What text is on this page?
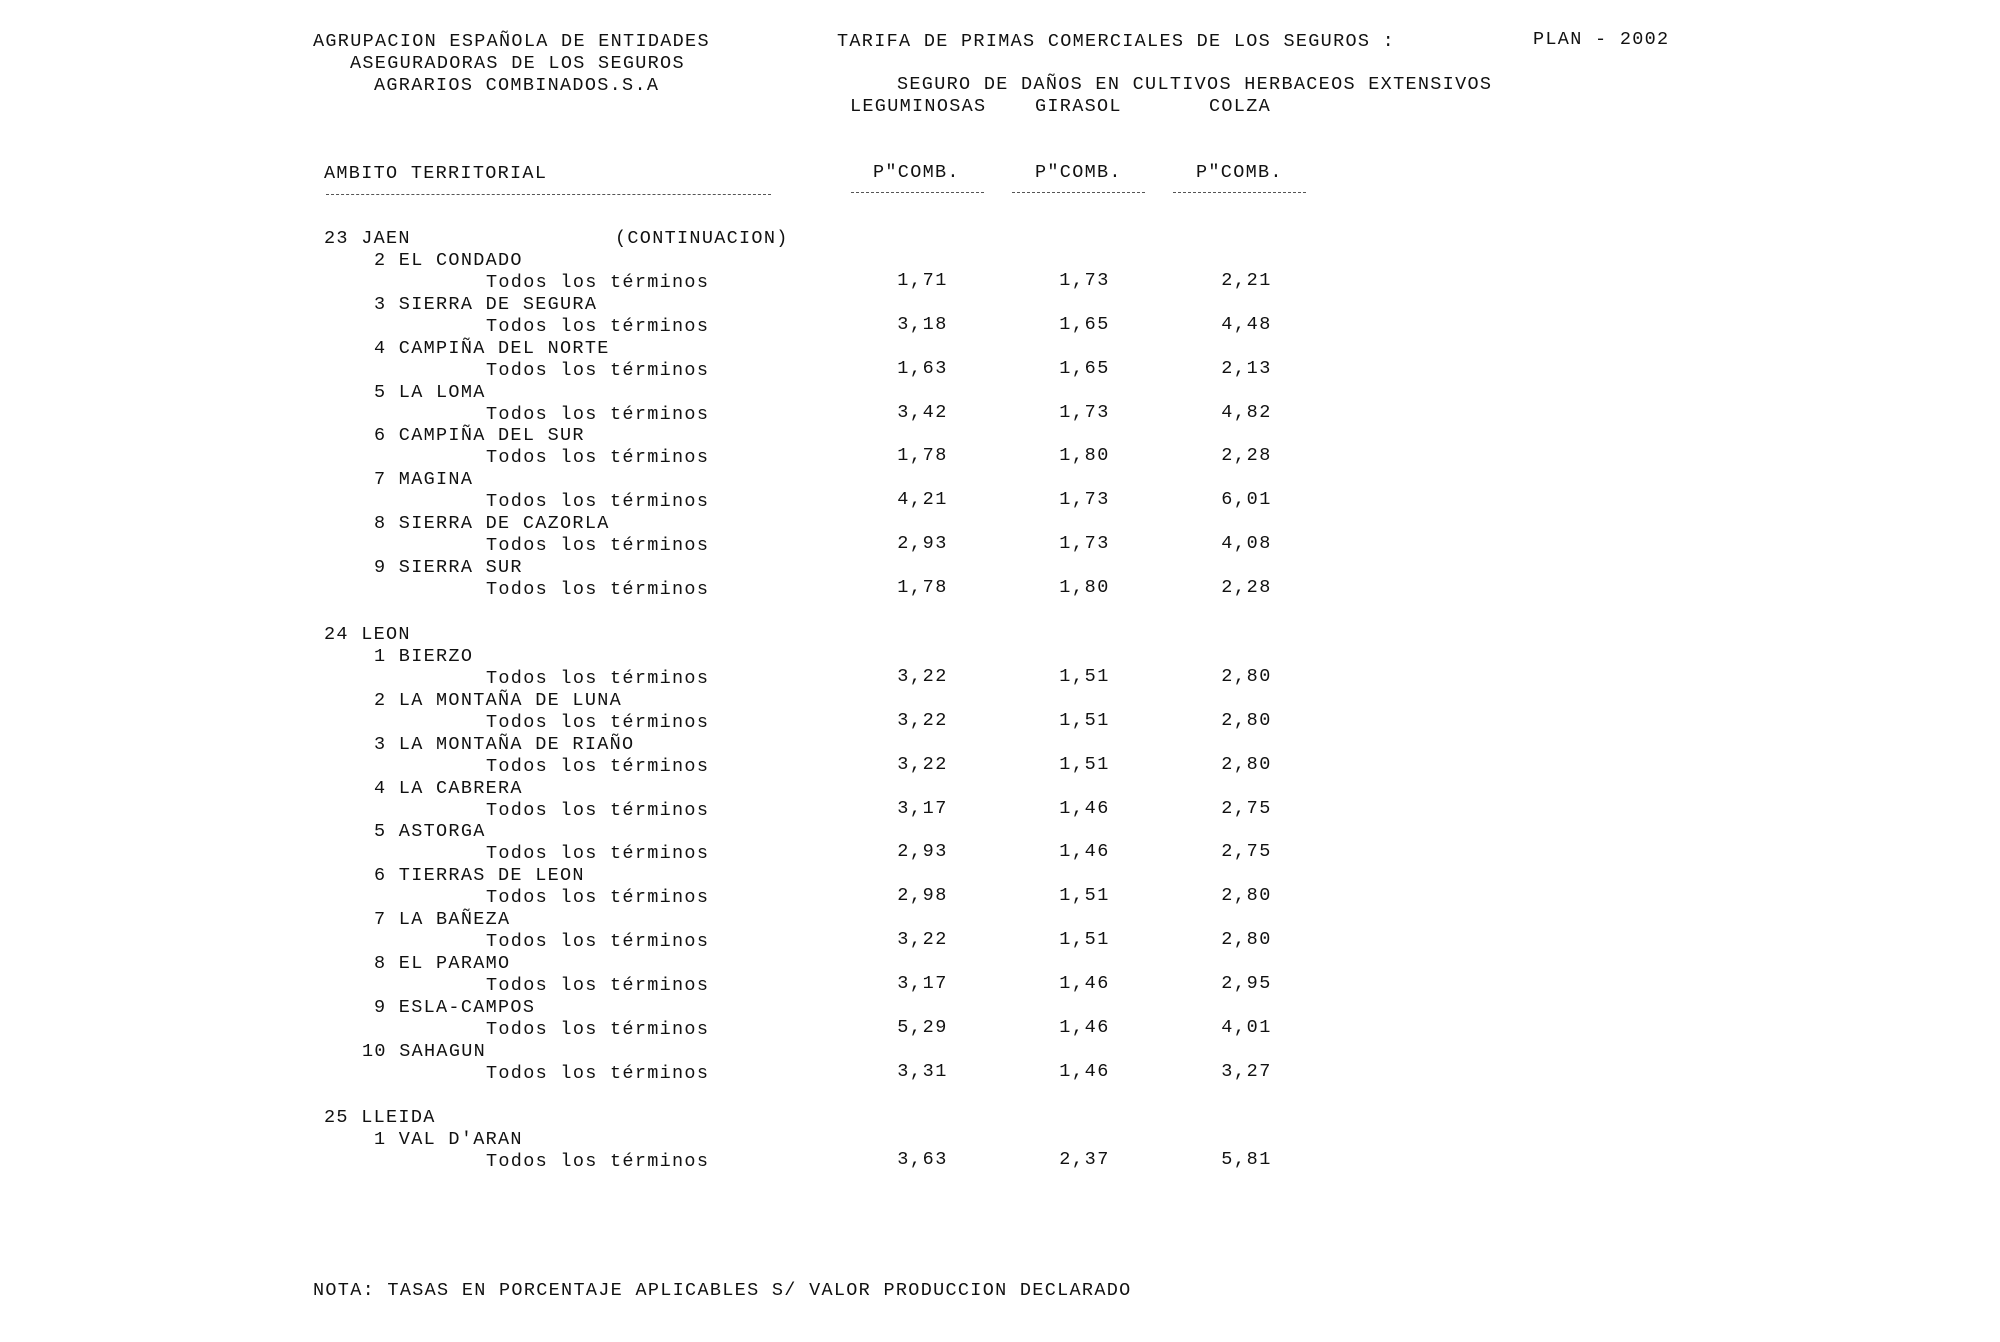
AGRUPACION ESPAÑOLA DE ENTIDADES
ASEGURADORAS DE LOS SEGUROS
AGRARIOS COMBINADOS.S.A
TARIFA DE PRIMAS COMERCIALES DE LOS SEGUROS :	PLAN - 2002
SEGURO DE DAÑOS EN CULTIVOS HERBACEOS EXTENSIVOS
LEGUMINOSAS	GIRASOL	COLZA
AMBITO TERRITORIAL	P"COMB.	P"COMB.	P"COMB.
23 JAEN	(CONTINUACION)
2 EL CONDADO
Todos los términos	1,71	1,73	2,21
3 SIERRA DE SEGURA
Todos los términos	3,18	1,65	4,48
4 CAMPIÑA DEL NORTE
Todos los términos	1,63	1,65	2,13
5 LA LOMA
Todos los términos	3,42	1,73	4,82
6 CAMPIÑA DEL SUR
Todos los términos	1,78	1,80	2,28
7 MAGINA
Todos los términos	4,21	1,73	6,01
8 SIERRA DE CAZORLA
Todos los términos	2,93	1,73	4,08
9 SIERRA SUR
Todos los términos	1,78	1,80	2,28
24 LEON
1 BIERZO
Todos los términos	3,22	1,51	2,80
2 LA MONTAÑA DE LUNA
Todos los términos	3,22	1,51	2,80
3 LA MONTAÑA DE RIAÑO
Todos los términos	3,22	1,51	2,80
4 LA CABRERA
Todos los términos	3,17	1,46	2,75
5 ASTORGA
Todos los términos	2,93	1,46	2,75
6 TIERRAS DE LEON
Todos los términos	2,98	1,51	2,80
7 LA BAÑEZA
Todos los términos	3,22	1,51	2,80
8 EL PARAMO
Todos los términos	3,17	1,46	2,95
9 ESLA-CAMPOS
Todos los términos	5,29	1,46	4,01
10 SAHAGUN
Todos los términos	3,31	1,46	3,27
25 LLEIDA
1 VAL D'ARAN
Todos los términos	3,63	2,37	5,81
NOTA: TASAS EN PORCENTAJE APLICABLES S/ VALOR PRODUCCION DECLARADO
